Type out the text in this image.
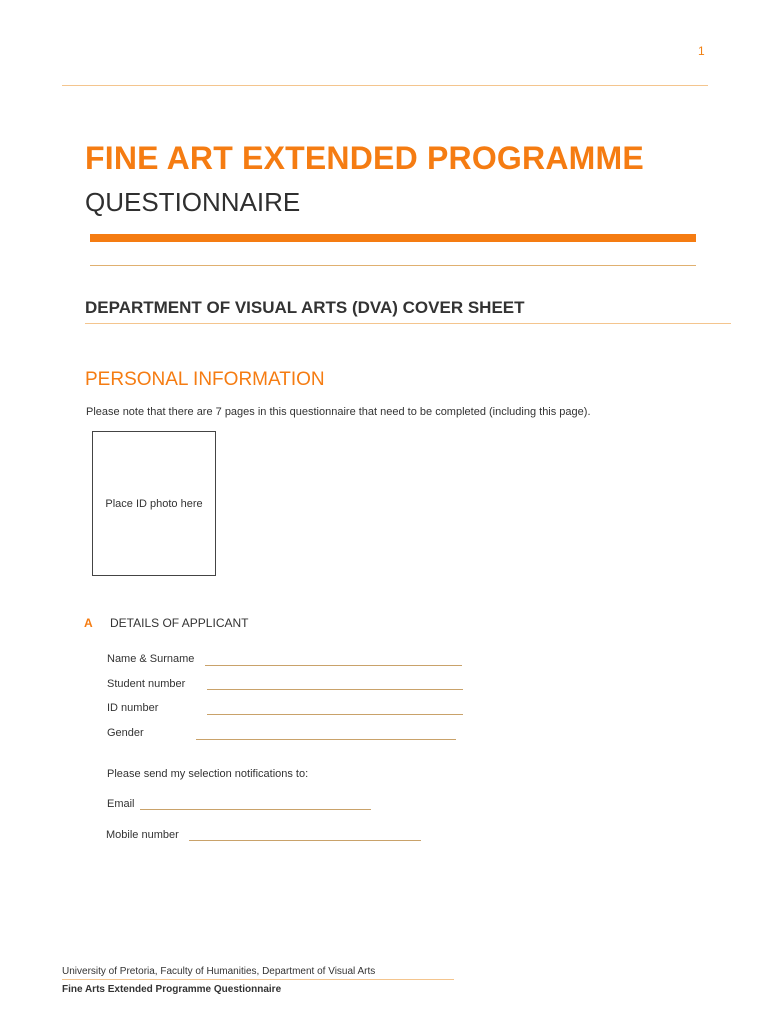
1
FINE ART EXTENDED PROGRAMME
QUESTIONNAIRE
DEPARTMENT OF VISUAL ARTS (DVA) COVER SHEET
PERSONAL INFORMATION
Please note that there are 7 pages in this questionnaire that need to be completed (including this page).
Place ID photo here
A DETAILS OF APPLICANT
Name & Surname
Student number
ID number
Gender
Please send my selection notifications to:
Email
Mobile number
University of Pretoria, Faculty of Humanities, Department of Visual Arts
Fine Arts Extended Programme Questionnaire
